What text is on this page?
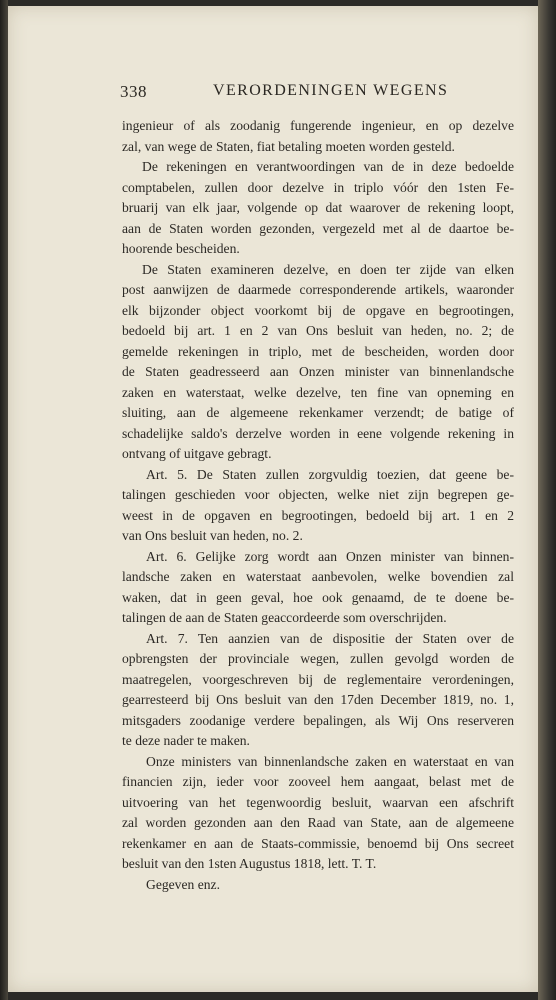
338	VERORDENINGEN WEGENS
ingenieur of als zoodanig fungerende ingenieur, en op dezelve
zal, van wege de Staten, fiat betaling moeten worden gesteld.
De rekeningen en verantwoordingen van de in deze bedoelde
comptabelen, zullen door dezelve in triplo vóór den 1sten Fe-
bruarij van elk jaar, volgende op dat waarover de rekening loopt,
aan de Staten worden gezonden, vergezeld met al de daartoe be-
hoorende bescheiden.
De Staten examineren dezelve, en doen ter zijde van elken
post aanwijzen de daarmede corresponderende artikels, waaronder
elk bijzonder object voorkomt bij de opgave en begrootingen,
bedoeld bij art. 1 en 2 van Ons besluit van heden, no. 2; de
gemelde rekeningen in triplo, met de bescheiden, worden door
de Staten geadresseerd aan Onzen minister van binnenlandsche
zaken en waterstaat, welke dezelve, ten fine van opneming en
sluiting, aan de algemeene rekenkamer verzendt; de batige of
schadelijke saldo's derzelve worden in eene volgende rekening in
ontvang of uitgave gebragt.
Art. 5. De Staten zullen zorgvuldig toezien, dat geene be-
talingen geschieden voor objecten, welke niet zijn begrepen ge-
weest in de opgaven en begrootingen, bedoeld bij art. 1 en 2
van Ons besluit van heden, no. 2.
Art. 6. Gelijke zorg wordt aan Onzen minister van binnen-
landsche zaken en waterstaat aanbevolen, welke bovendien zal
waken, dat in geen geval, hoe ook genaamd, de te doene be-
talingen de aan de Staten geaccordeerde som overschrijden.
Art. 7. Ten aanzien van de dispositie der Staten over de
opbrengsten der provinciale wegen, zullen gevolgd worden de
maatregelen, voorgeschreven bij de reglementaire verordeningen,
gearresteerd bij Ons besluit van den 17den December 1819, no. 1,
mitsgaders zoodanige verdere bepalingen, als Wij Ons reserveren
te deze nader te maken.
Onze ministers van binnenlandsche zaken en waterstaat en van
financien zijn, ieder voor zooveel hem aangaat, belast met de
uitvoering van het tegenwoordig besluit, waarvan een afschrift
zal worden gezonden aan den Raad van State, aan de algemeene
rekenkamer en aan de Staats-commissie, benoemd bij Ons secreet
besluit van den 1sten Augustus 1818, lett. T. T.
Gegeven enz.
